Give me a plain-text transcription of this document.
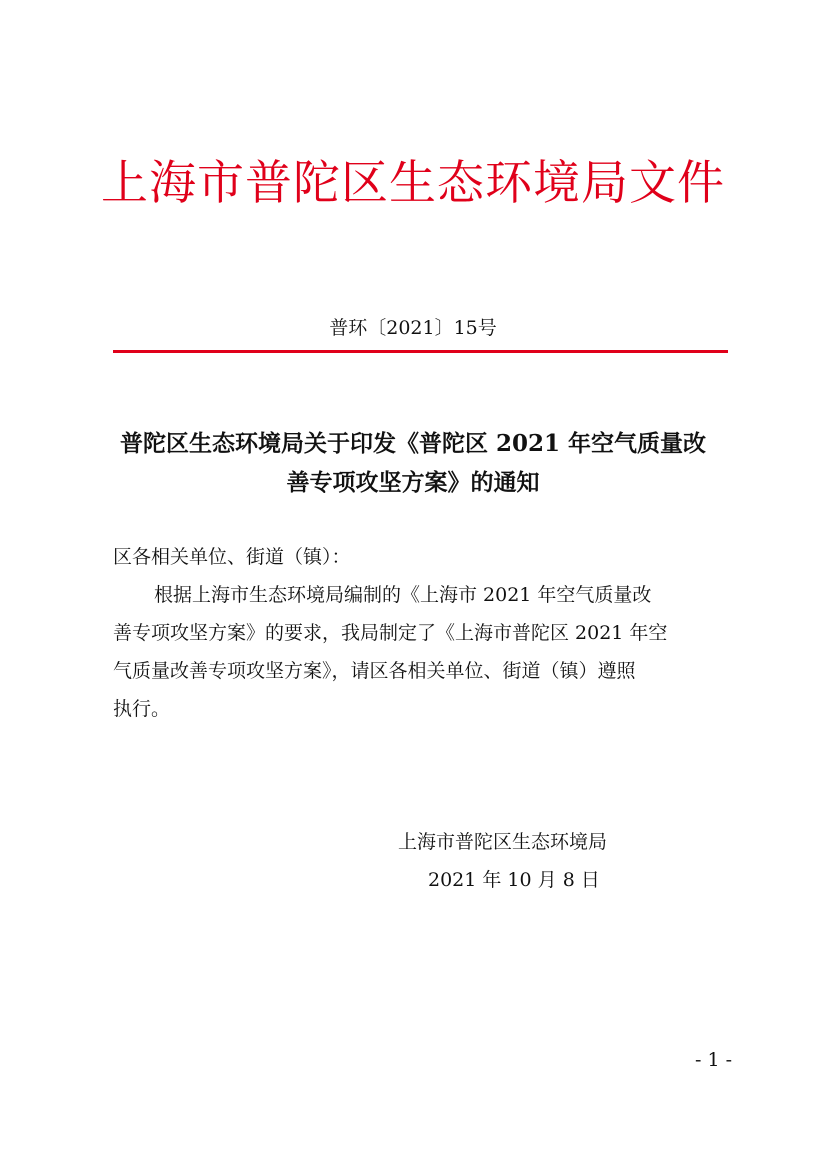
上海市普陀区生态环境局文件
普环〔2021〕15号
普陀区生态环境局关于印发《普陀区 2021 年空气质量改
善专项攻坚方案》的通知
区各相关单位、街道（镇）：
根据上海市生态环境局编制的《上海市 2021 年空气质量改
善专项攻坚方案》的要求，我局制定了《上海市普陀区 2021 年空
气质量改善专项攻坚方案》，请区各相关单位、街道（镇）遵照
执行。
上海市普陀区生态环境局
2021 年 10 月 8 日
- 1 -
